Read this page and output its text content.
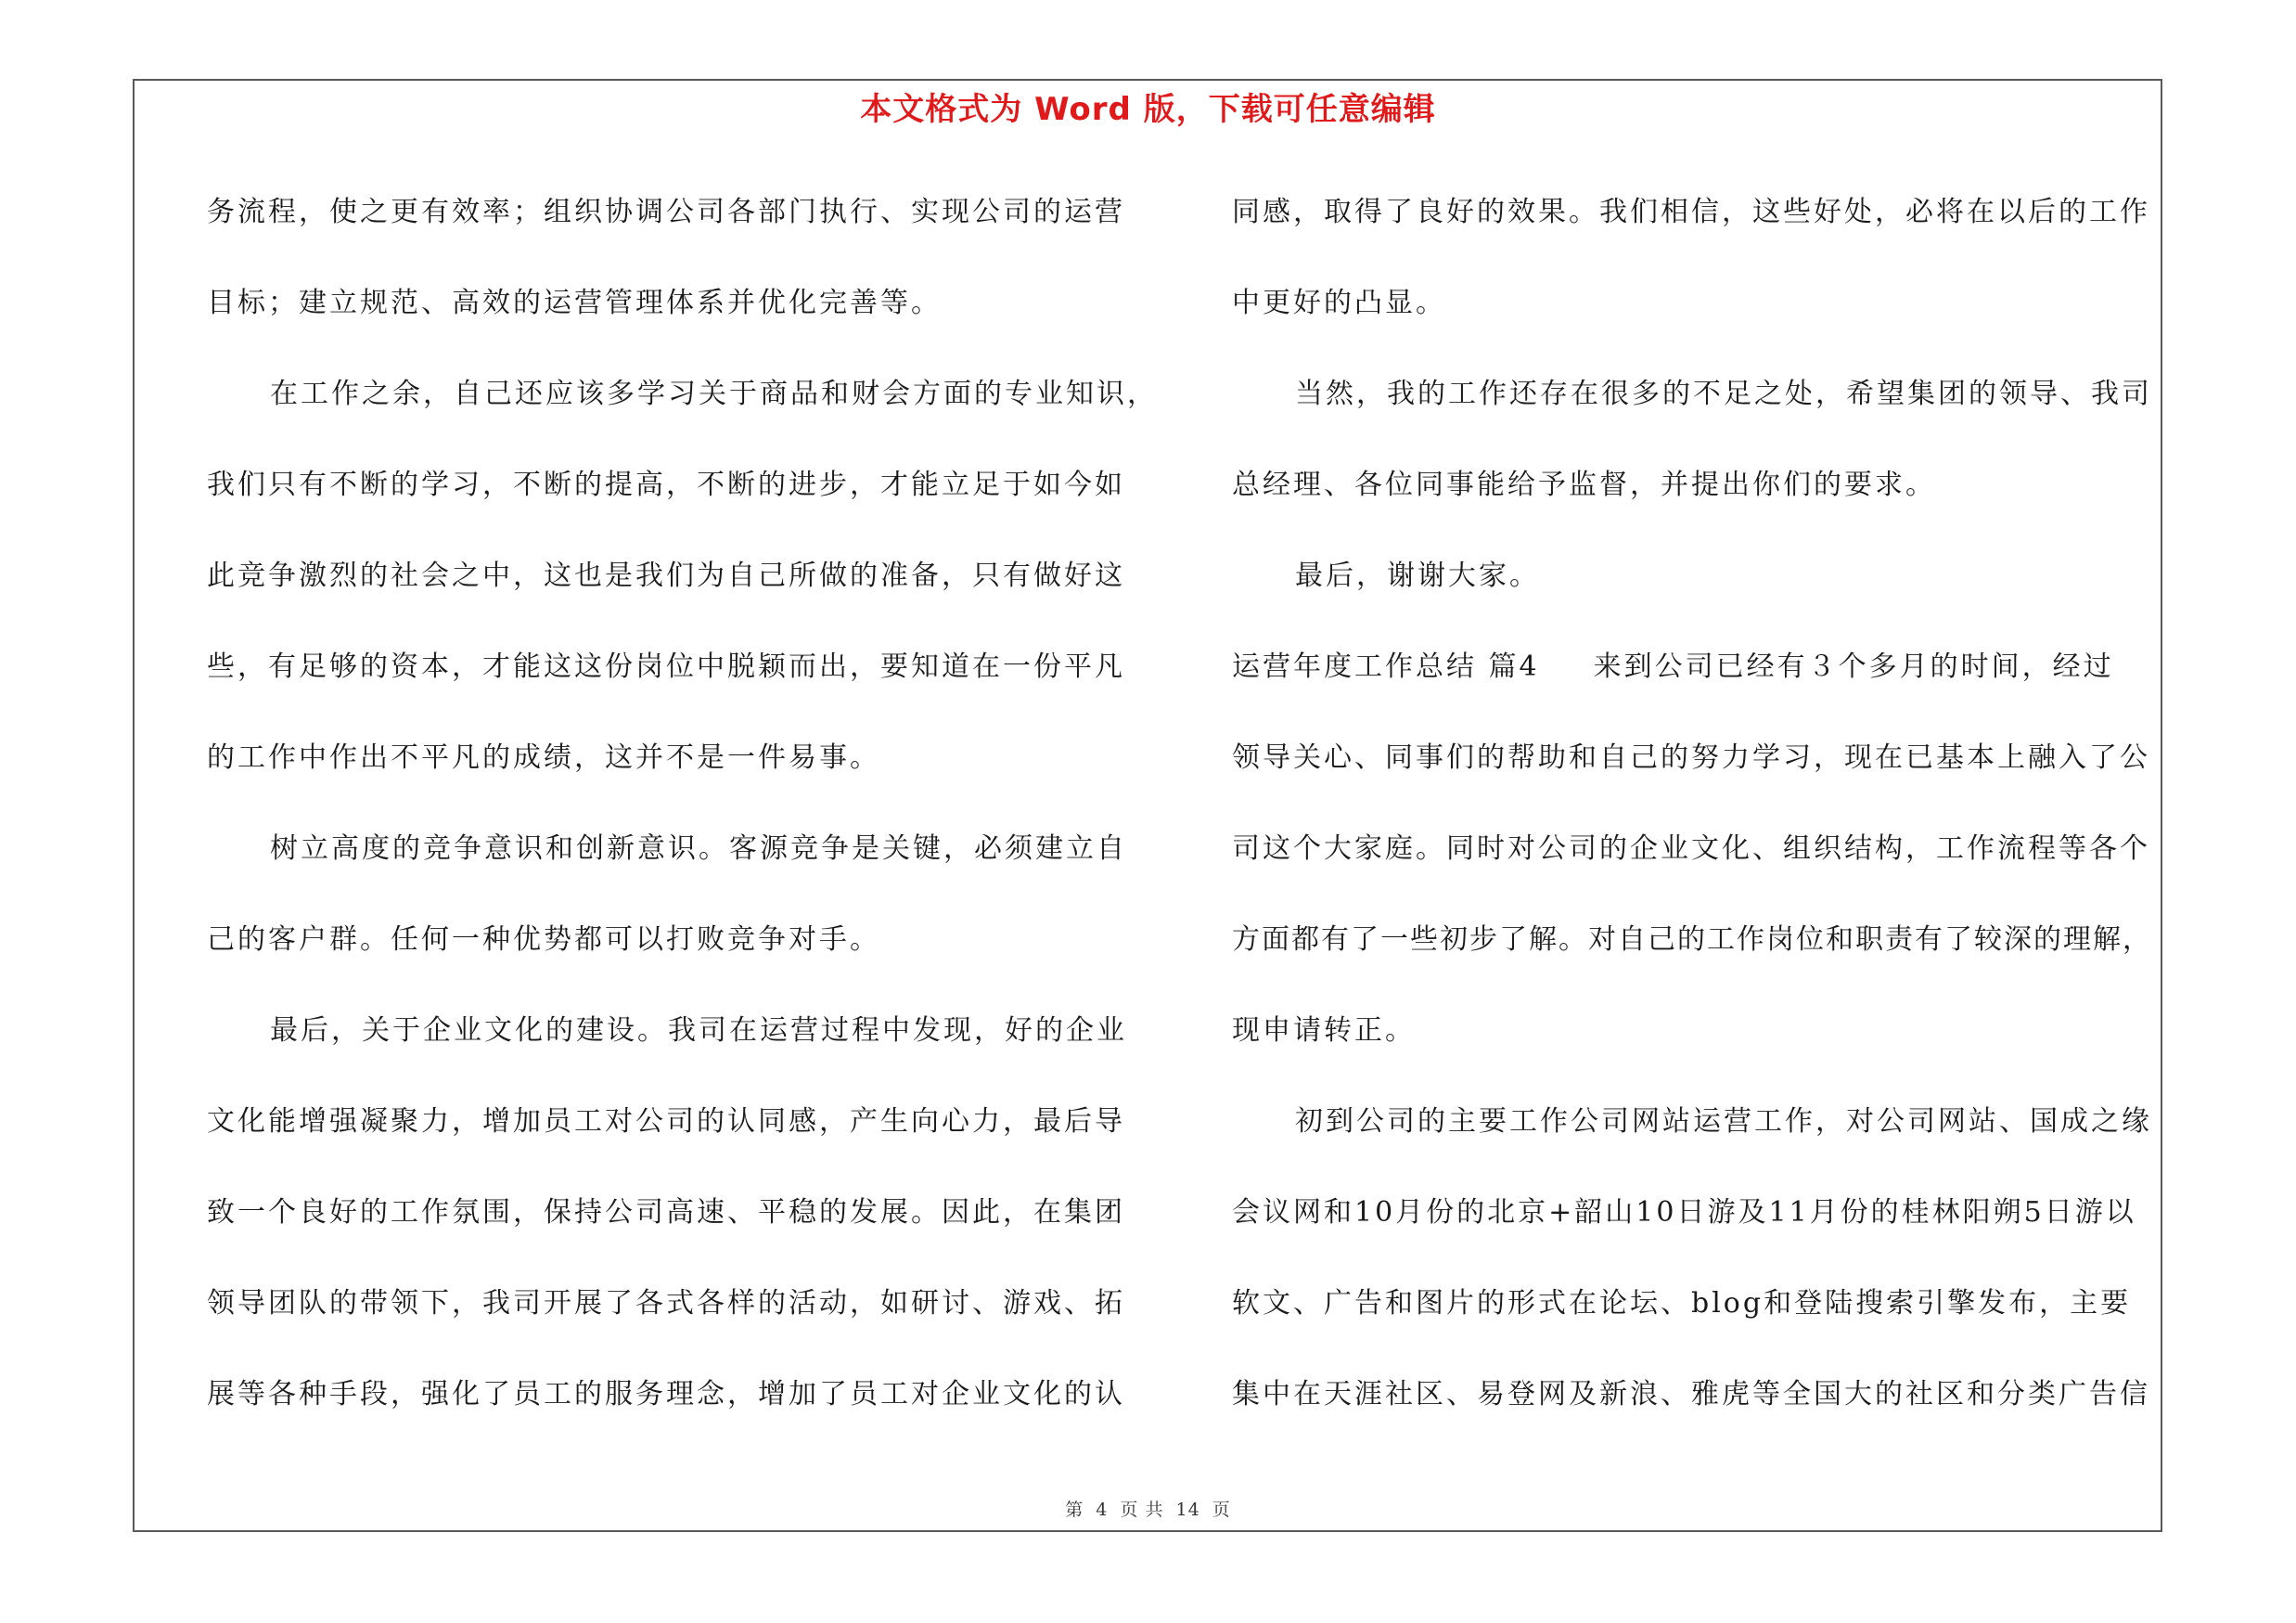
本文格式为 Word 版，下载可任意编辑

务流程，使之更有效率；组织协调公司各部门执行、实现公司的运营

目标；建立规范、高效的运营管理体系并优化完善等。

在工作之余，自己还应该多学习关于商品和财会方面的专业知识，

我们只有不断的学习，不断的提高，不断的进步，才能立足于如今如

此竞争激烈的社会之中，这也是我们为自己所做的准备，只有做好这

些，有足够的资本，才能这这份岗位中脱颖而出，要知道在一份平凡

的工作中作出不平凡的成绩，这并不是一件易事。

树立高度的竞争意识和创新意识。客源竞争是关键，必须建立自

己的客户群。任何一种优势都可以打败竞争对手。

最后，关于企业文化的建设。我司在运营过程中发现，好的企业

文化能增强凝聚力，增加员工对公司的认同感，产生向心力，最后导

致一个良好的工作氛围，保持公司高速、平稳的发展。因此，在集团

领导团队的带领下，我司开展了各式各样的活动，如研讨、游戏、拓

展等各种手段，强化了员工的服务理念，增加了员工对企业文化的认

同感，取得了良好的效果。我们相信，这些好处，必将在以后的工作

中更好的凸显。

当然，我的工作还存在很多的不足之处，希望集团的领导、我司

总经理、各位同事能给予监督，并提出你们的要求。

最后，谢谢大家。

运营年度工作总结 篇4 来到公司已经有３个多月的时间，经过

领导关心、同事们的帮助和自己的努力学习，现在已基本上融入了公

司这个大家庭。同时对公司的企业文化、组织结构，工作流程等各个

方面都有了一些初步了解。对自己的工作岗位和职责有了较深的理解，

现申请转正。

初到公司的主要工作公司网站运营工作，对公司网站、国成之缘

会议网和10月份的北京+韶山10日游及11月份的桂林阳朔5日游以

软文、广告和图片的形式在论坛、blog和登陆搜索引擎发布，主要

集中在天涯社区、易登网及新浪、雅虎等全国大的社区和分类广告信

第 4 页 共 14 页
